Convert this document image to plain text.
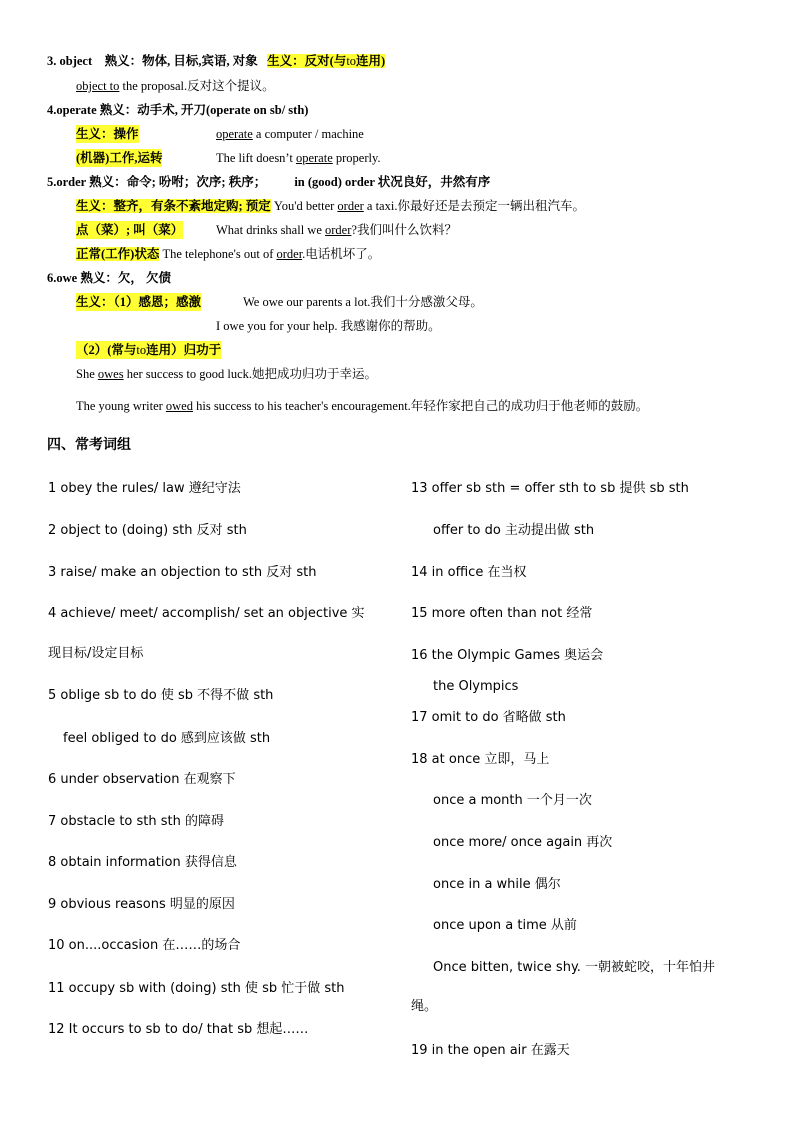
3. object 熟义：物体, 目标,宾语, 对象 生义：反对(与to连用)
object to the proposal.反对这个提议。
4.operate 熟义：动手术, 开刀(operate on sb/ sth)
生义：操作	operate a computer / machine
(机器)工作,运转	The lift doesn’t operate properly.
5.order 熟义：命令; 吩咐；次序; 秩序； in (good) order 状况良好，井然有序
生义：整齐，有条不紊地定购; 预定 You'd better order a taxi.你最好还是去预定一辆出租汽车。
点（菜）; 叫（菜）	What drinks shall we order?我们叫什么饮料？
正常(工作)状态 The telephone's out of order.电话机坏了。
6.owe 熟义：欠， 欠债
生义：（1）感恩；感激	We owe our parents a lot.我们十分感激父母。
I owe you for your help. 我感谢你的帮助。
（2）(常与to连用）归功于
She owes her success to good luck.她把成功归功于幸运。
The young writer owed his success to his teacher's encouragement.年轻作家把自己的成功归于他老师的鼓励。
四、常考词组
1 obey the rules/ law 遵纪守法
2 object to (doing) sth 反对 sth
3 raise/ make an objection to sth 反对 sth
4 achieve/ meet/ accomplish/ set an objective 实
现目标/设定目标
5 oblige sb to do 使 sb 不得不做 sth
feel obliged to do 感到应该做 sth
6 under observation 在观察下
7 obstacle to sth sth 的障碍
8 obtain information 获得信息
9 obvious reasons 明显的原因
10 on....occasion 在……的场合
11 occupy sb with (doing) sth 使 sb 忙于做 sth
12 It occurs to sb to do/ that sb 想起……
13 offer sb sth = offer sth to sb 提供 sb sth
offer to do 主动提出做 sth
14 in office 在当权
15 more often than not 经常
16 the Olympic Games 奥运会
the Olympics
17 omit to do 省略做 sth
18 at once 立即，马上
once a month 一个月一次
once more/ once again 再次
once in a while 偶尔
once upon a time 从前
Once bitten, twice shy. 一朝被蛇咬，十年怕井
绳。
19 in the open air 在露天
